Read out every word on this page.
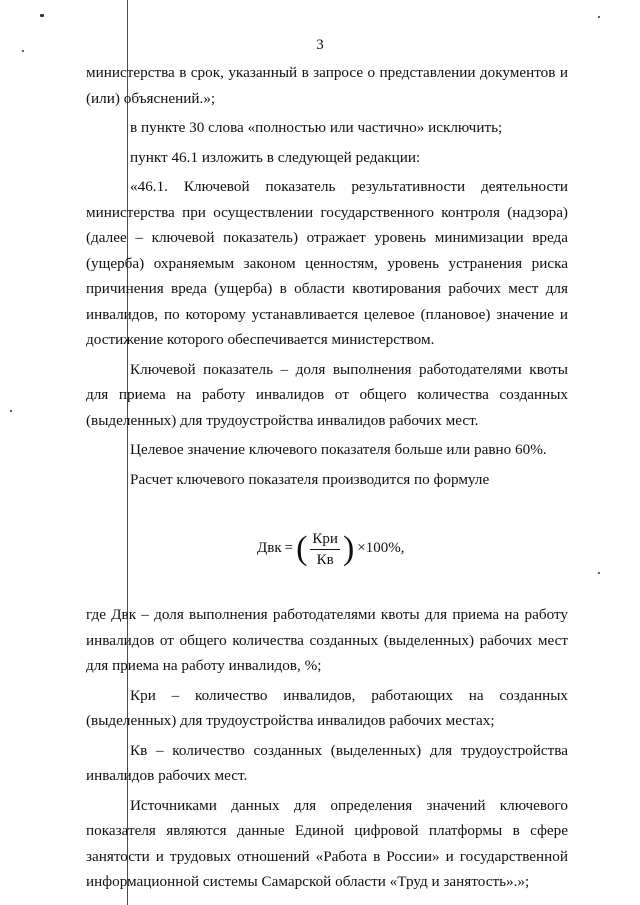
3

министерства в срок, указанный в запросе о представлении документов и (или) объяснений.»;

в пункте 30 слова «полностью или частично» исключить;

пункт 46.1 изложить в следующей редакции:

«46.1. Ключевой показатель результативности деятельности министерства при осуществлении государственного контроля (надзора) (далее – ключевой показатель) отражает уровень минимизации вреда (ущерба) охраняемым законом ценностям, уровень устранения риска причинения вреда (ущерба) в области квотирования рабочих мест для инвалидов, по которому устанавливается целевое (плановое) значение и достижение которого обеспечивается министерством.

Ключевой показатель – доля выполнения работодателями квоты для приема на работу инвалидов от общего количества созданных (выделенных) для трудоустройства инвалидов рабочих мест.

Целевое значение ключевого показателя больше или равно 60%.

Расчет ключевого показателя производится по формуле

Двк = ( $\frac{\text{Кри}}{Кв}$ ) ×100%,

где Двк – доля выполнения работодателями квоты для приема на работу инвалидов от общего количества созданных (выделенных) рабочих мест для приема на работу инвалидов, %;

Кри – количество инвалидов, работающих на созданных (выделенных) для трудоустройства инвалидов рабочих местах;

Кв – количество созданных (выделенных) для трудоустройства инвалидов рабочих мест.

Источниками данных для определения значений ключевого показателя являются данные Единой цифровой платформы в сфере занятости и трудовых отношений «Работа в России» и государственной информационной системы Самарской области «Труд и занятость».»;
